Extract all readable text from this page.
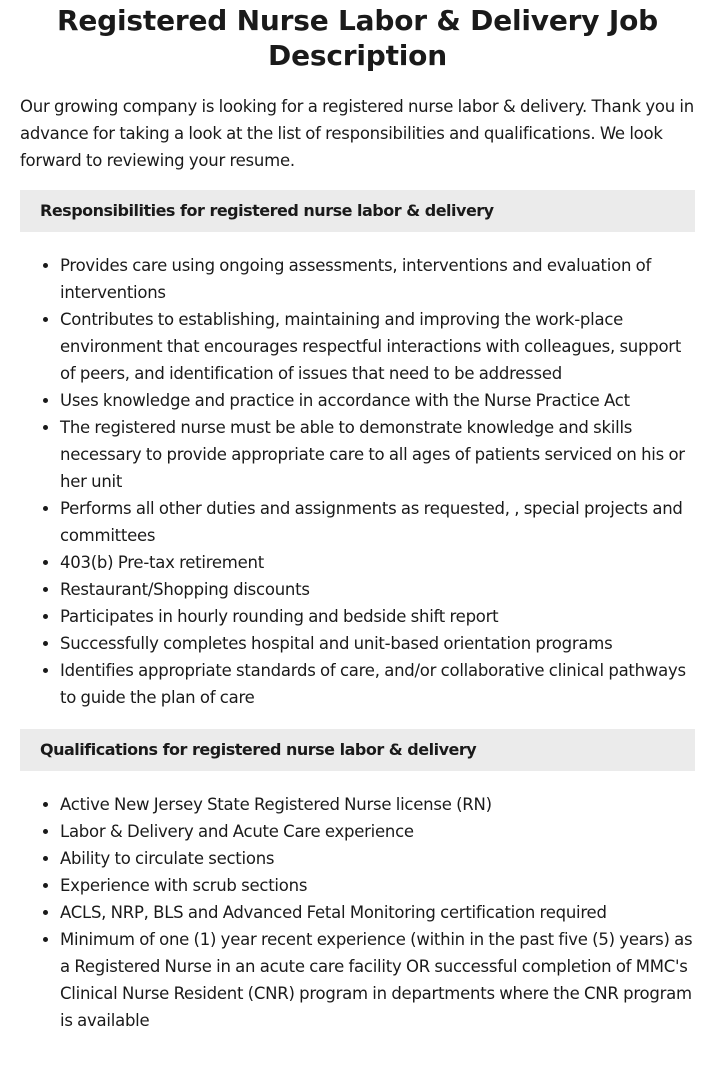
Registered Nurse Labor & Delivery Job Description

Our growing company is looking for a registered nurse labor & delivery. Thank you in advance for taking a look at the list of responsibilities and qualifications. We look forward to reviewing your resume.

Responsibilities for registered nurse labor & delivery
• Provides care using ongoing assessments, interventions and evaluation of interventions
• Contributes to establishing, maintaining and improving the work-place environment that encourages respectful interactions with colleagues, support of peers, and identification of issues that need to be addressed
• Uses knowledge and practice in accordance with the Nurse Practice Act
• The registered nurse must be able to demonstrate knowledge and skills necessary to provide appropriate care to all ages of patients serviced on his or her unit
• Performs all other duties and assignments as requested, , special projects and committees
• 403(b) Pre-tax retirement
• Restaurant/Shopping discounts
• Participates in hourly rounding and bedside shift report
• Successfully completes hospital and unit-based orientation programs
• Identifies appropriate standards of care, and/or collaborative clinical pathways to guide the plan of care
Qualifications for registered nurse labor & delivery
• Active New Jersey State Registered Nurse license (RN)
• Labor & Delivery and Acute Care experience
• Ability to circulate sections
• Experience with scrub sections
• ACLS, NRP, BLS and Advanced Fetal Monitoring certification required
• Minimum of one (1) year recent experience (within in the past five (5) years) as a Registered Nurse in an acute care facility OR successful completion of MMC's Clinical Nurse Resident (CNR) program in departments where the CNR program is available
